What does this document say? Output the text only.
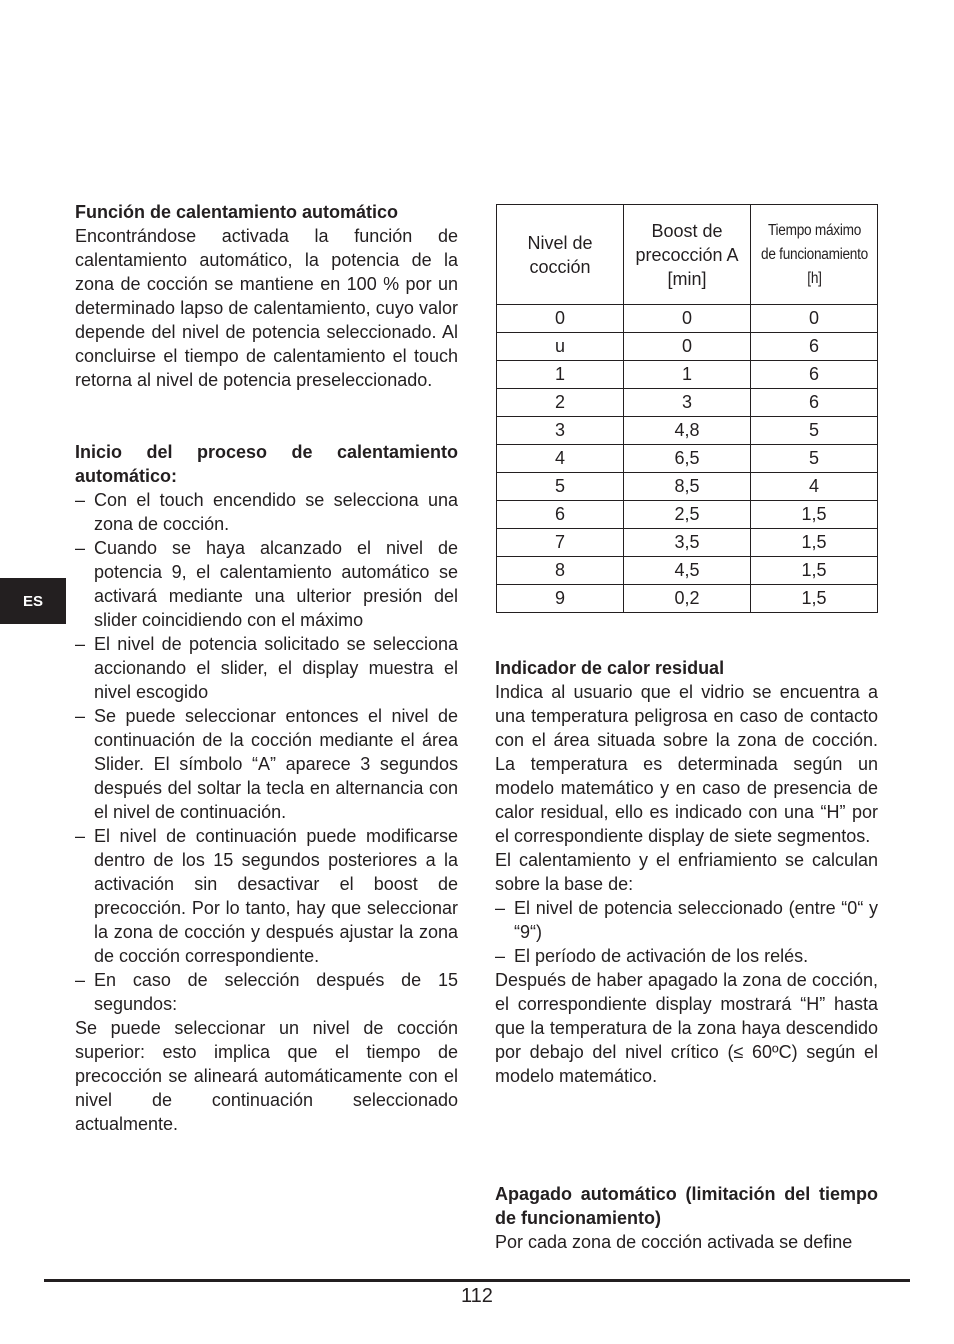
Función de calentamiento automático

Encontrándose activada la función de calentamiento automático, la potencia de la zona de cocción se mantiene en 100 % por un determinado lapso de calentamiento, cuyo valor depende del nivel de potencia seleccionado. Al concluirse el tiempo de calentamiento el touch retorna al nivel de potencia preseleccionado.

Inicio del proceso de calentamiento automático:

– Con el touch encendido se selecciona una zona de cocción.
– Cuando se haya alcanzado el nivel de potencia 9, el calentamiento automático se activará mediante una ulterior presión del slider coincidiendo con el máximo
– El nivel de potencia solicitado se selecciona accionando el slider, el display muestra el nivel escogido
– Se puede seleccionar entonces el nivel de continuación de la cocción mediante el área Slider. El símbolo “A” aparece 3 segundos después del soltar la tecla en alternancia con el nivel de continuación.
– El nivel de continuación puede modificarse dentro de los 15 segundos posteriores a la activación sin desactivar el boost de precocción. Por lo tanto, hay que seleccionar la zona de cocción y después ajustar la zona de cocción correspondiente.
– En caso de selección después de 15 segundos:

Se puede seleccionar un nivel de cocción superior: esto implica que el tiempo de precocción se alineará automáticamente con el nivel de continuación seleccionado actualmente.

Nivel de cocción	Boost de precocción A [min]	Tiempo máximo de funcionamiento [h]
0	0	0
u	0	6
1	1	6
2	3	6
3	4,8	5
4	6,5	5
5	8,5	4
6	2,5	1,5
7	3,5	1,5
8	4,5	1,5
9	0,2	1,5

Indicador de calor residual

Indica al usuario que el vidrio se encuentra a una temperatura peligrosa en caso de contacto con el área situada sobre la zona de cocción. La temperatura es determinada según un modelo matemático y en caso de presencia de calor residual, ello es indicado con una “H” por el correspondiente display de siete segmentos.

El calentamiento y el enfriamiento se calculan sobre la base de:

– El nivel de potencia seleccionado (entre “0“ y “9“)
– El período de activación de los relés.

Después de haber apagado la zona de cocción, el correspondiente display mostrará “H” hasta que la temperatura de la zona haya descendido por debajo del nivel crítico (≤ 60ºC) según el modelo matemático.

Apagado automático (limitación del tiempo de funcionamiento)

Por cada zona de cocción activada se define

ES
112
